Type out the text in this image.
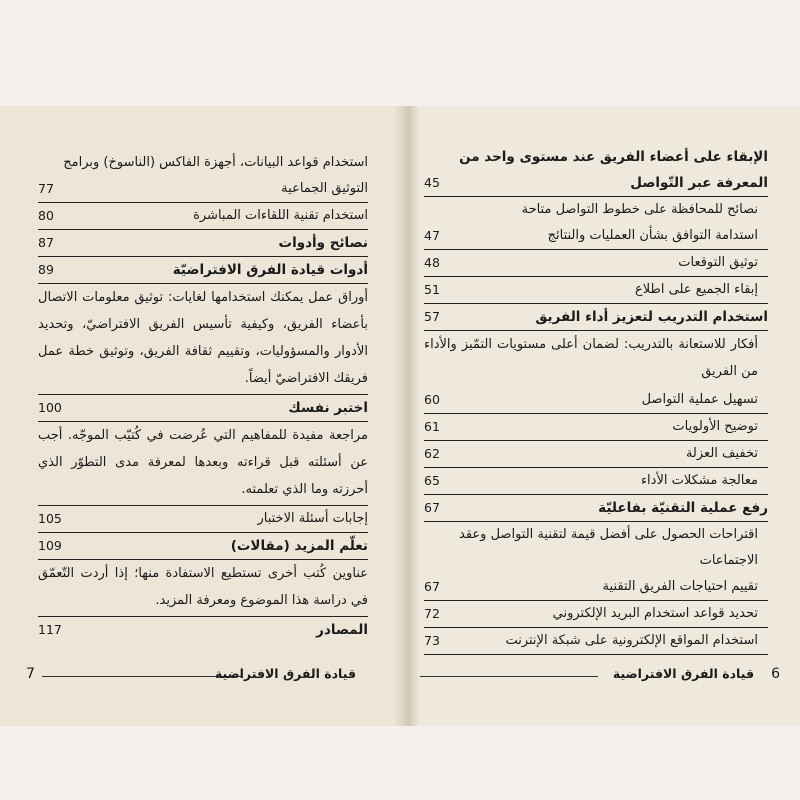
استخدام قواعد البيانات، أجهزة الفاكس (الناسوخ) وبرامج التوثيق الجماعية
77
استخدام تقنية اللقاءات المباشرة
80
نصائح وأدوات
87
أدوات قيادة الفرق الافتراضيّة
89
أوراق عمل يمكنك استخدامها لغايات: توثيق معلومات الاتصال بأعضاء الفريق، وكيفية تأسيس الفريق الافتراضيّ، وتحديد الأدوار والمسؤوليات، وتقييم ثقافة الفريق، وتوثيق خطة عمل فريقك الافتراضيّ أيضاً.
اختبر نفسك
100
مراجعة مفيدة للمفاهيم التي عُرضت في كُتيّب الموجّه. أجب عن أسئلته قبل قراءته وبعدها لمعرفة مدى التطوّر الذي أحرزته وما الذي تعلمته.
إجابات أسئلة الاختبار
105
تعلّم المزيد (مقالات)
109
عناوين كُتب أخرى تستطيع الاستفادة منها؛ إذا أردت التّعمّق في دراسة هذا الموضوع ومعرفة المزيد.
المصادر
117
7	قيادة الفرق الافتراضية
الإبقاء على أعضاء الفريق عند مستوى واحد من المعرفة عبر التّواصل
45
نصائح للمحافظة على خطوط التواصل متاحة
استدامة التوافق بشأن العمليات والنتائج
47
توثيق التوقعات
48
إبقاء الجميع على اطلاع
51
استخدام التدريب لتعزيز أداء الفريق
57
أفكار للاستعانة بالتدريب: لضمان أعلى مستويات التمّيز والأداء من الفريق
تسهيل عملية التواصل
60
توضيح الأولويات
61
تخفيف العزلة
62
معالجة مشكلات الأداء
65
رفع عملية التقنيّة بفاعليّة
67
اقتراحات الحصول على أفضل قيمة لتقنية التواصل وعقد الاجتماعات
تقييم احتياجات الفريق التقنية
67
تحديد قواعد استخدام البريد الإلكتروني
72
استخدام المواقع الإلكترونية على شبكة الإنترنت
73
6
قيادة الفرق الافتراضية
